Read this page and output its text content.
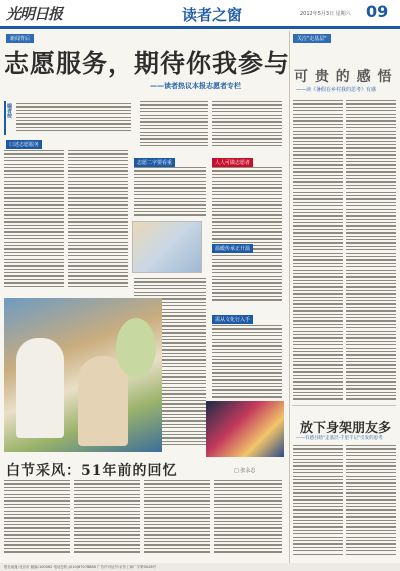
光明日报	读者之窗	2012年5月3日 星期六 09
新闻背后
志愿服务，期待你我参与
——读者热议本报志愿者专栏
编者按
口述志愿服务
志愿二字要看重	人人可做志愿者
温暖传承正升温
需从文化行入手
白节采风：51年前的回忆	□ 张永志
关注"走基层"
可 贵 的 感 悟
——读《暑假在乡村我的思考》有感
放下身架朋友多
——有感目睹"走基层·千里千记"引发的思考
报社地址:北京市 邮编:100062 电话总机:(010)67078888 广告许可证号:京东工商广字第0028号
